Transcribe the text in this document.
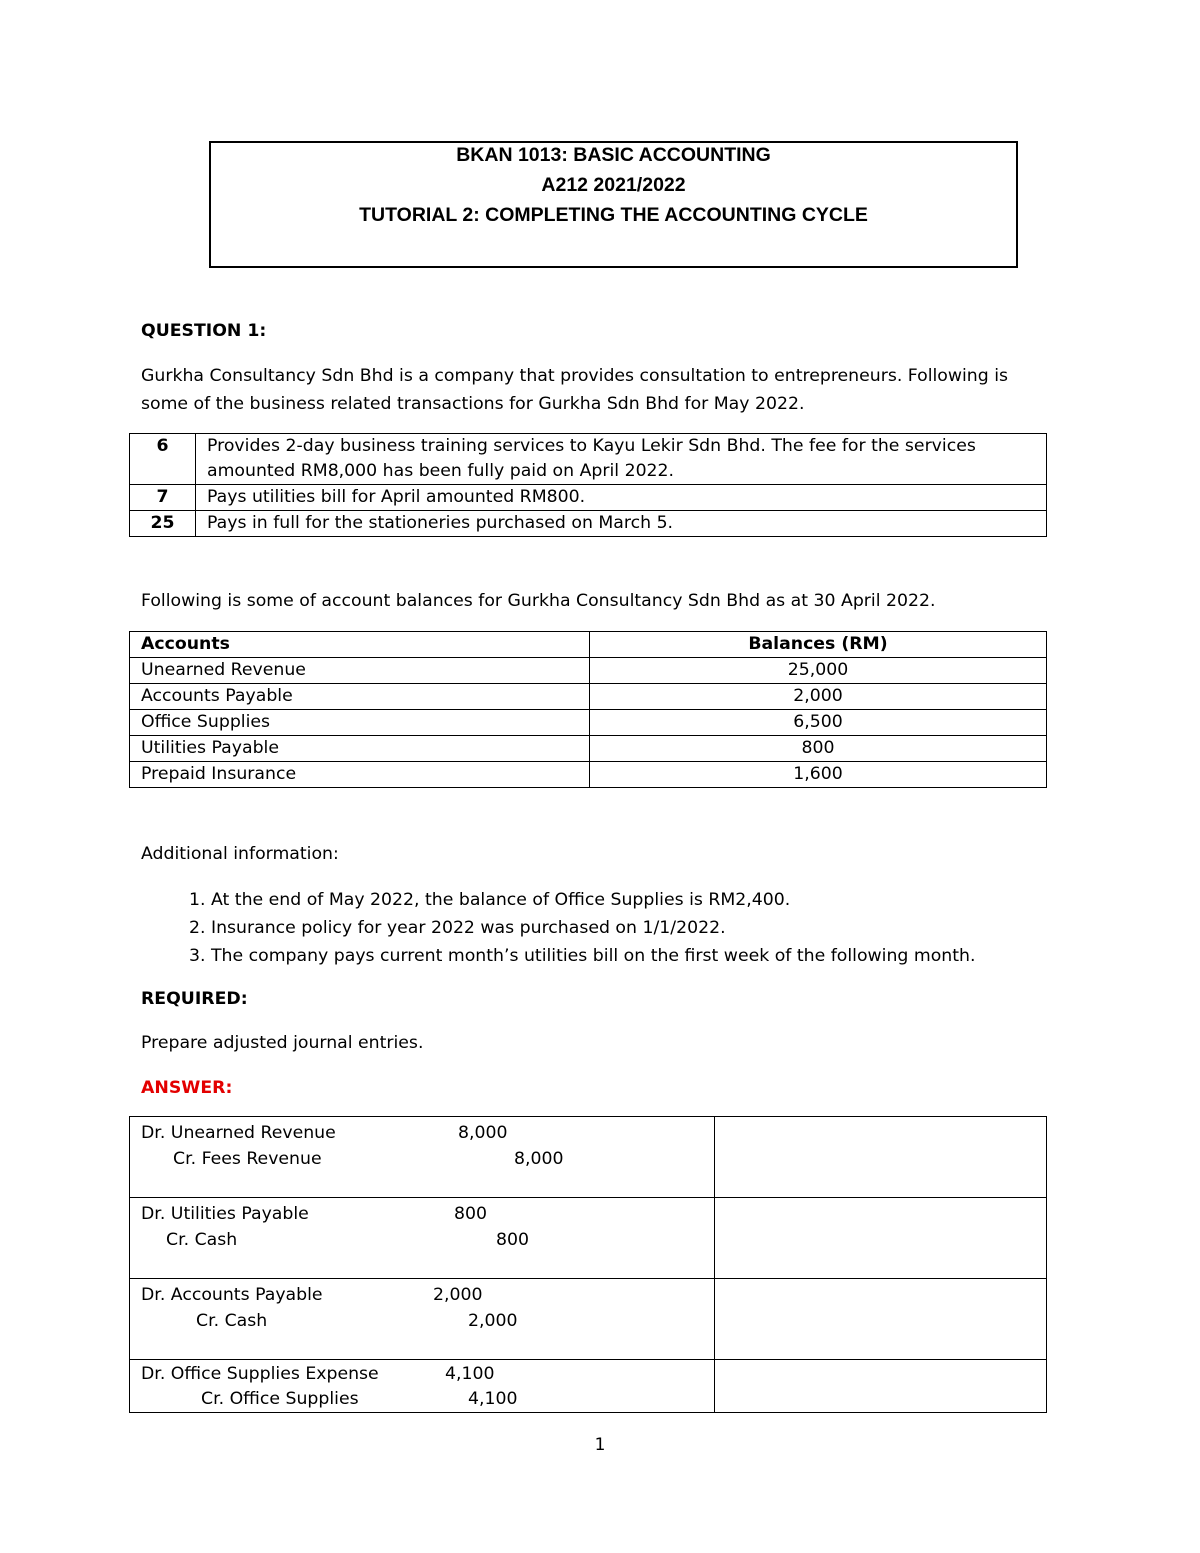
BKAN 1013: BASIC ACCOUNTING
A212 2021/2022
TUTORIAL 2: COMPLETING THE ACCOUNTING CYCLE
QUESTION 1:
Gurkha Consultancy Sdn Bhd is a company that provides consultation to entrepreneurs. Following is
some of the business related transactions for Gurkha Sdn Bhd for May 2022.
6	Provides 2-day business training services to Kayu Lekir Sdn Bhd. The fee for the services
amounted RM8,000 has been fully paid on April 2022.

7	Pays utilities bill for April amounted RM800.
25	Pays in full for the stationeries purchased on March 5.
Following is some of account balances for Gurkha Consultancy Sdn Bhd as at 30 April 2022.
Accounts	Balances (RM)
Unearned Revenue	25,000
Accounts Payable	2,000
Office Supplies	6,500
Utilities Payable	800
Prepaid Insurance	1,600
Additional information:
1. At the end of May 2022, the balance of Office Supplies is RM2,400.
2. Insurance policy for year 2022 was purchased on 1/1/2022.
3. The company pays current month’s utilities bill on the first week of the following month.
REQUIRED:
Prepare adjusted journal entries.
ANSWER:
Dr. Unearned Revenue 8,000
Cr. Fees Revenue 8,000	

Dr. Utilities Payable 800
Cr. Cash 800	

Dr. Accounts Payable 2,000
Cr. Cash 2,000	

Dr. Office Supplies Expense 4,100
Cr. Office Supplies 4,100	

1
